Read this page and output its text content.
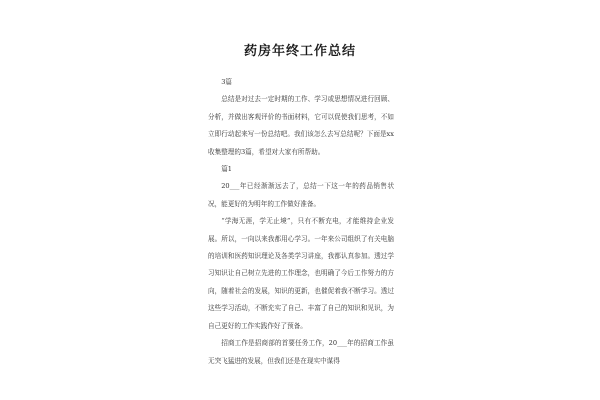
药房年终工作总结

3篇

总结是对过去一定时期的工作、学习或思想情况进行回顾、分析，并做出客观评价的书面材料，它可以促使我们思考，不如立即行动起来写一份总结吧。我们该怎么去写总结呢？下面是xx收集整理的3篇，希望对大家有所帮助。

篇1

20___年已经渐渐远去了，总结一下这一年的药品销售状况，能更好的为明年的工作做好准备。

“学海无涯，学无止境”，只有不断充电，才能维持企业发展。所以，一向以来我都用心学习。一年来公司组织了有关电脑的培训和医药知识理论及各类学习讲座，我都认真参加。透过学习知识让自己树立先进的工作理念，也明确了今后工作努力的方向，随着社会的发展，知识的更新，也催促着我不断学习。透过这些学习活动，不断充实了自己、丰富了自己的知识和见识，为自己更好的工作实践作好了预备。

招商工作是招商部的首要任务工作，20___年的招商工作虽无突飞猛进的发展，但我们还是在现实中谋得
